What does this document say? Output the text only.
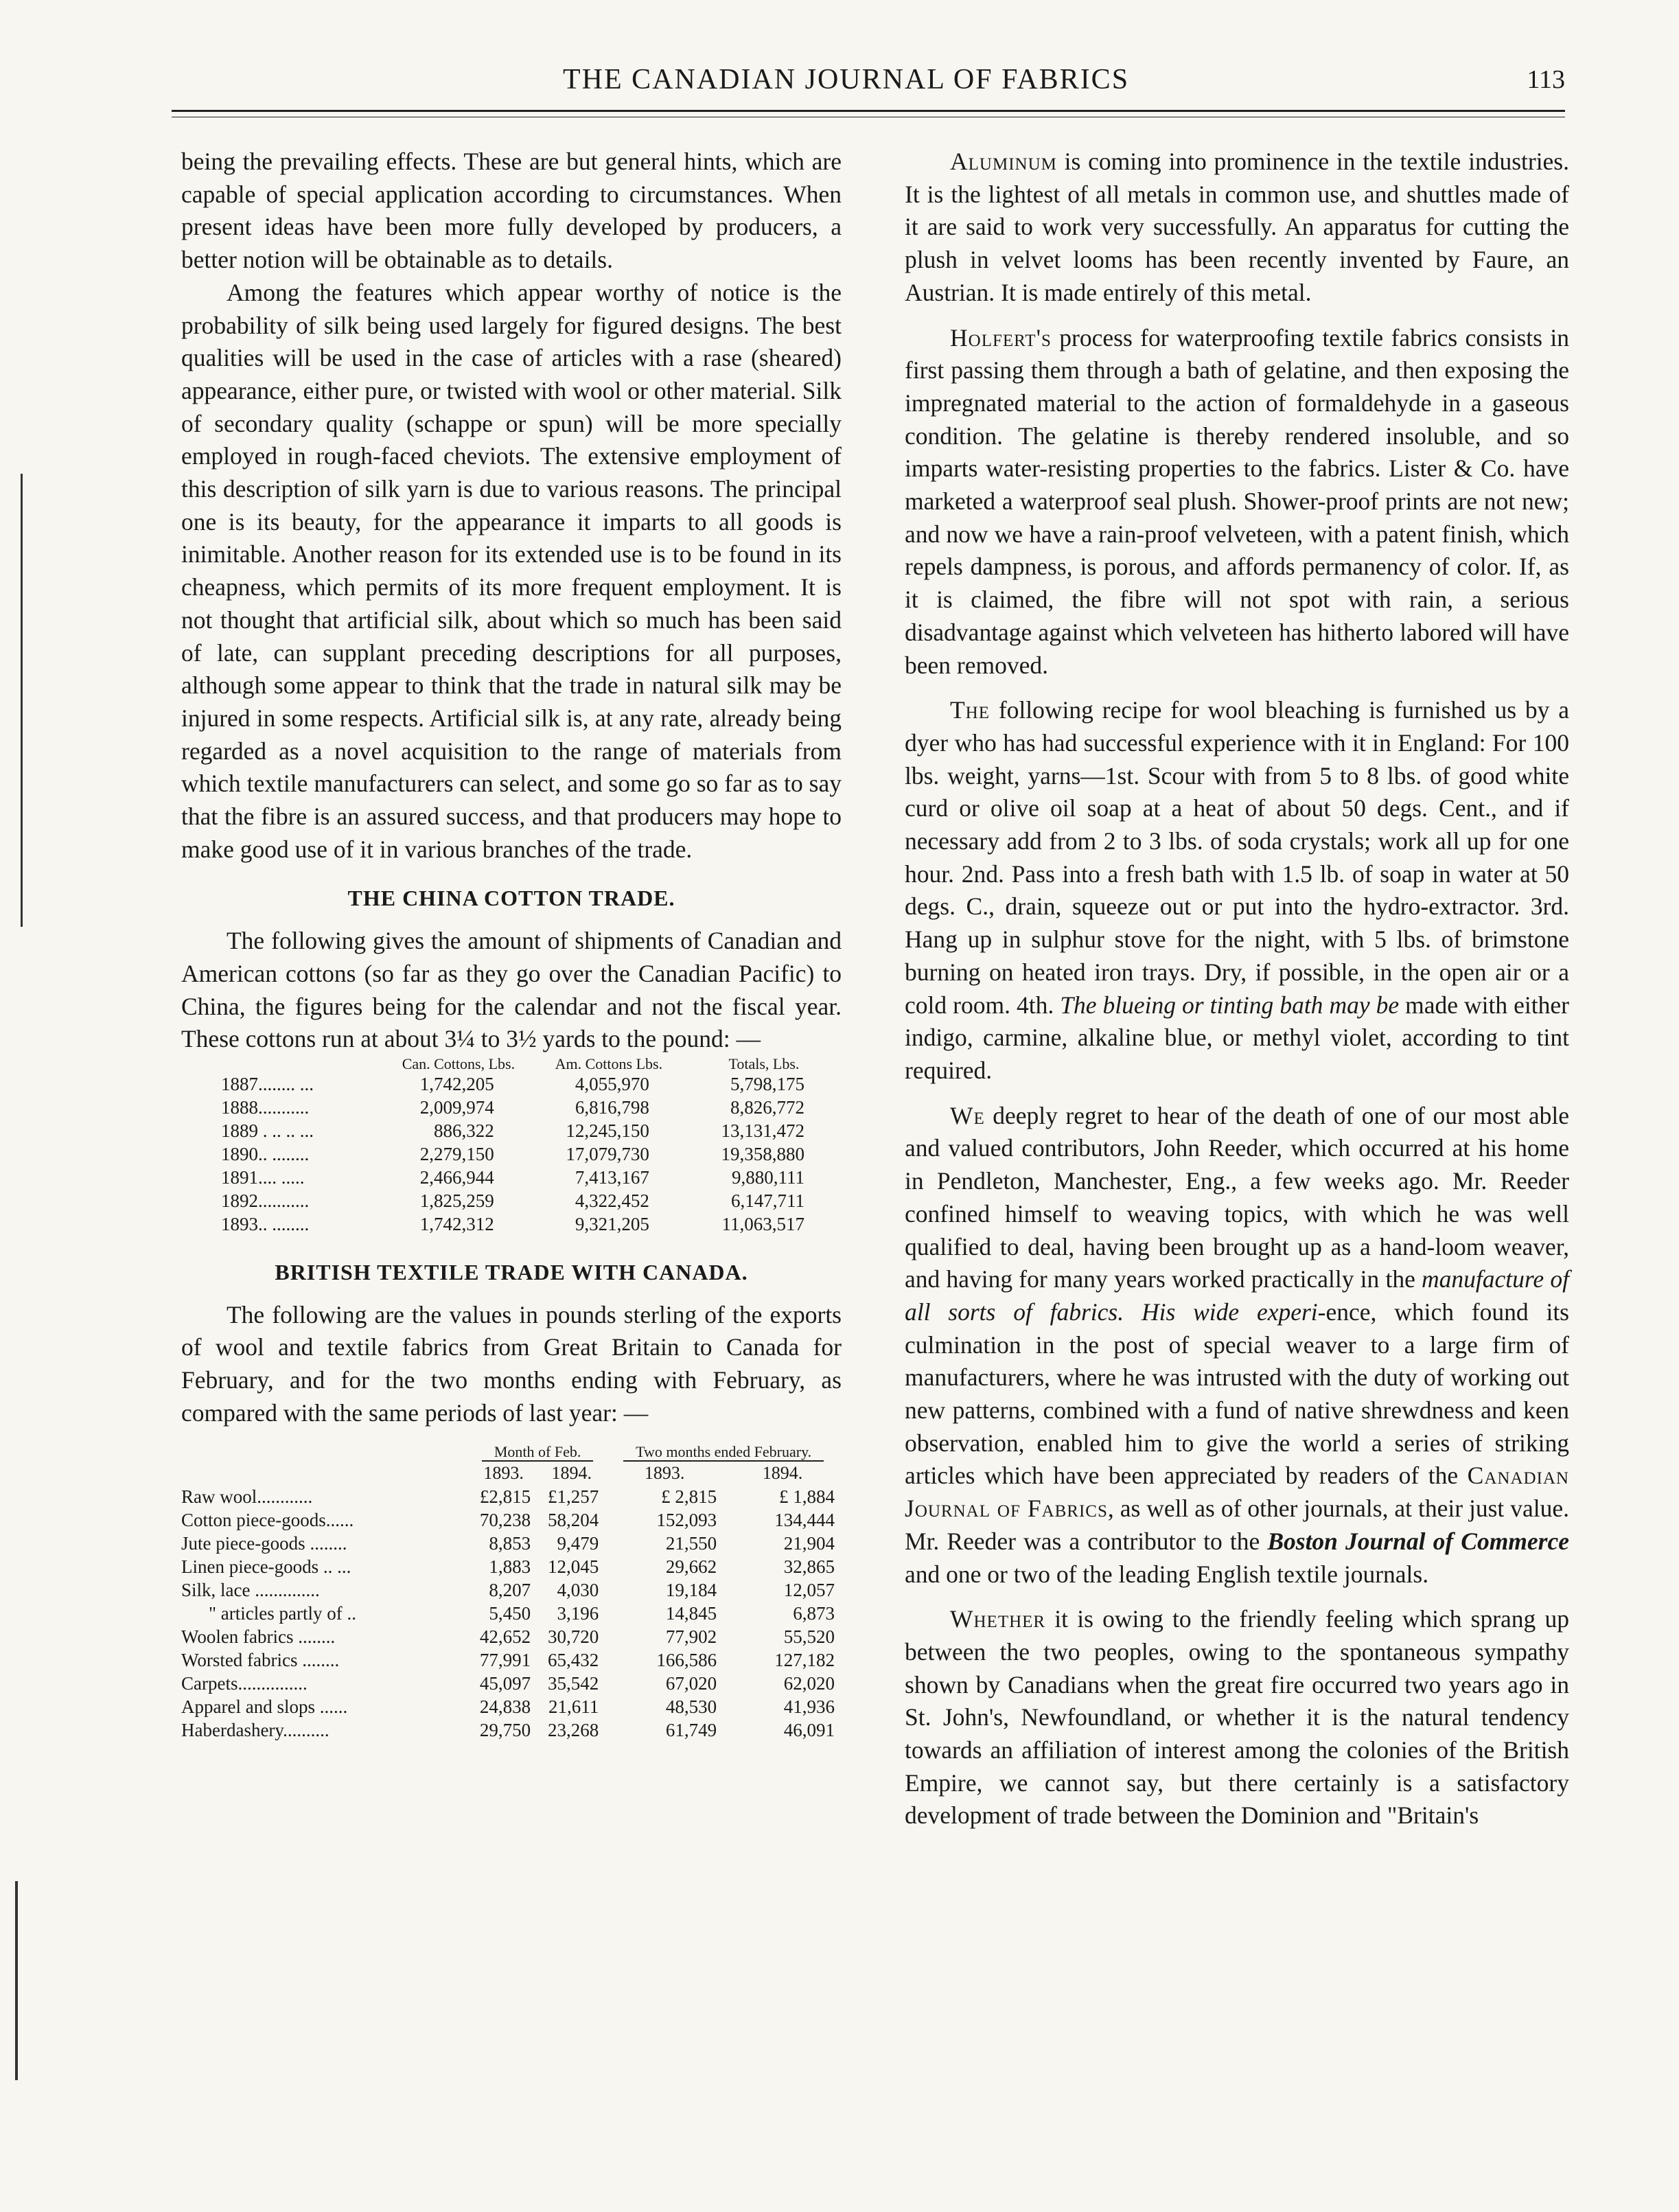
THE CANADIAN JOURNAL OF FABRICS	113

being the prevailing effects. These are but general hints, which are capable of special application according to circumstances. When present ideas have been more fully developed by producers, a better notion will be obtainable as to details.

Among the features which appear worthy of notice is the probability of silk being used largely for figured designs. The best qualities will be used in the case of articles with a rase (sheared) appearance, either pure, or twisted with wool or other material. Silk of secondary quality (schappe or spun) will be more specially employed in rough-faced cheviots. The extensive employment of this description of silk yarn is due to various reasons. The principal one is its beauty, for the appearance it imparts to all goods is inimitable. Another reason for its extended use is to be found in its cheapness, which permits of its more frequent employment. It is not thought that artificial silk, about which so much has been said of late, can supplant preceding descriptions for all purposes, although some appear to think that the trade in natural silk may be injured in some respects. Artificial silk is, at any rate, already being regarded as a novel acquisition to the range of materials from which textile manufacturers can select, and some go so far as to say that the fibre is an assured success, and that producers may hope to make good use of it in various branches of the trade.

THE CHINA COTTON TRADE.

The following gives the amount of shipments of Canadian and American cottons (so far as they go over the Canadian Pacific) to China, the figures being for the calendar and not the fiscal year. These cottons run at about 3¼ to 3½ yards to the pound: —

	Can. Cottons, Lbs.	Am. Cottons Lbs.	Totals, Lbs.
1887........ ...	1,742,205	4,055,970	5,798,175
1888...........	2,009,974	6,816,798	8,826,772
1889 . .. .. ...	886,322	12,245,150	13,131,472
1890.. ........	2,279,150	17,079,730	19,358,880
1891.... .....	2,466,944	7,413,167	9,880,111
1892...........	1,825,259	4,322,452	6,147,711
1893.. ........	1,742,312	9,321,205	11,063,517
BRITISH TEXTILE TRADE WITH CANADA.

The following are the values in pounds sterling of the exports of wool and textile fabrics from Great Britain to Canada for February, and for the two months ending with February, as compared with the same periods of last year: —

	Month of Feb.		Two months ended February.	
	1893.	1894.	1893.	1894.
Raw wool............	£2,815	£1,257	£ 2,815	£ 1,884
Cotton piece-goods......	70,238	58,204	152,093	134,444
Jute piece-goods ........	8,853	9,479	21,550	21,904
Linen piece-goods .. ...	1,883	12,045	29,662	32,865
Silk, lace ..............	8,207	4,030	19,184	12,057
" articles partly of ..	5,450	3,196	14,845	6,873
Woolen fabrics ........	42,652	30,720	77,902	55,520
Worsted fabrics ........	77,991	65,432	166,586	127,182
Carpets...............	45,097	35,542	67,020	62,020
Apparel and slops ......	24,838	21,611	48,530	41,936
Haberdashery..........	29,750	23,268	61,749	46,091

Aluminum is coming into prominence in the textile industries. It is the lightest of all metals in common use, and shuttles made of it are said to work very successfully. An apparatus for cutting the plush in velvet looms has been recently invented by Faure, an Austrian. It is made entirely of this metal.

Holfert's process for waterproofing textile fabrics consists in first passing them through a bath of gelatine, and then exposing the impregnated material to the action of formaldehyde in a gaseous condition. The gelatine is thereby rendered insoluble, and so imparts water-resisting properties to the fabrics. Lister & Co. have marketed a waterproof seal plush. Shower-proof prints are not new; and now we have a rain-proof velveteen, with a patent finish, which repels dampness, is porous, and affords permanency of color. If, as it is claimed, the fibre will not spot with rain, a serious disadvantage against which velveteen has hitherto labored will have been removed.

The following recipe for wool bleaching is furnished us by a dyer who has had successful experience with it in England: For 100 lbs. weight, yarns—1st. Scour with from 5 to 8 lbs. of good white curd or olive oil soap at a heat of about 50 degs. Cent., and if necessary add from 2 to 3 lbs. of soda crystals; work all up for one hour. 2nd. Pass into a fresh bath with 1.5 lb. of soap in water at 50 degs. C., drain, squeeze out or put into the hydro-extractor. 3rd. Hang up in sulphur stove for the night, with 5 lbs. of brimstone burning on heated iron trays. Dry, if possible, in the open air or a cold room. 4th. The blueing or tinting bath may be made with either indigo, carmine, alkaline blue, or methyl violet, according to tint required.

We deeply regret to hear of the death of one of our most able and valued contributors, John Reeder, which occurred at his home in Pendleton, Manchester, Eng., a few weeks ago. Mr. Reeder confined himself to weaving topics, with which he was well qualified to deal, having been brought up as a hand-loom weaver, and having for many years worked practically in the manufacture of all sorts of fabrics. His wide experi-ence, which found its culmination in the post of special weaver to a large firm of manufacturers, where he was intrusted with the duty of working out new patterns, combined with a fund of native shrewdness and keen observation, enabled him to give the world a series of striking articles which have been appreciated by readers of the Canadian Journal of Fabrics, as well as of other journals, at their just value. Mr. Reeder was a contributor to the Boston Journal of Commerce and one or two of the leading English textile journals.

Whether it is owing to the friendly feeling which sprang up between the two peoples, owing to the spontaneous sympathy shown by Canadians when the great fire occurred two years ago in St. John's, Newfoundland, or whether it is the natural tendency towards an affiliation of interest among the colonies of the British Empire, we cannot say, but there certainly is a satisfactory development of trade between the Dominion and "Britain's
